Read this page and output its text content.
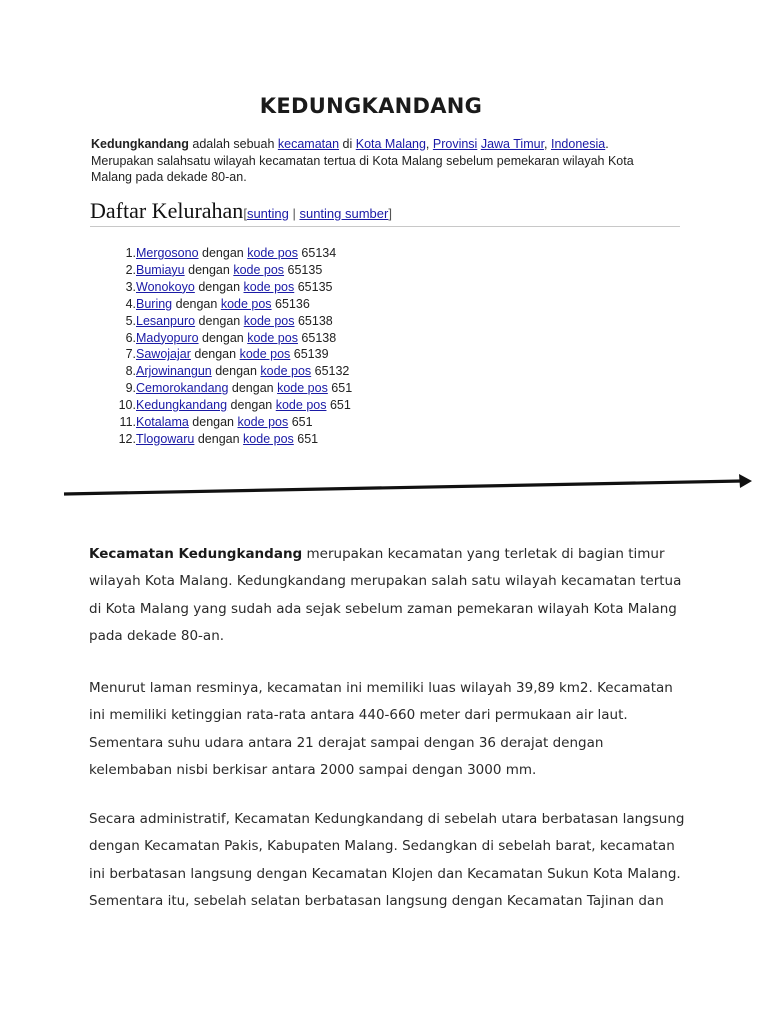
KEDUNGKANDANG
Kedungkandang adalah sebuah kecamatan di Kota Malang, Provinsi Jawa Timur, Indonesia.
Merupakan salahsatu wilayah kecamatan tertua di Kota Malang sebelum pemekaran wilayah Kota Malang pada dekade 80-an.
Daftar Kelurahan[sunting | sunting sumber]
1. Mergosono dengan kode pos 65134
2. Bumiayu dengan kode pos 65135
3. Wonokoyo dengan kode pos 65135
4. Buring dengan kode pos 65136
5. Lesanpuro dengan kode pos 65138
6. Madyopuro dengan kode pos 65138
7. Sawojajar dengan kode pos 65139
8. Arjowinangun dengan kode pos 65132
9. Cemorokandang dengan kode pos 651
10. Kedungkandang dengan kode pos 651
11. Kotalama dengan kode pos 651
12. Tlogowaru dengan kode pos 651

Kecamatan Kedungkandang merupakan kecamatan yang terletak di bagian timur wilayah Kota Malang. Kedungkandang merupakan salah satu wilayah kecamatan tertua di Kota Malang yang sudah ada sejak sebelum zaman pemekaran wilayah Kota Malang pada dekade 80-an.

Menurut laman resminya, kecamatan ini memiliki luas wilayah 39,89 km2. Kecamatan ini memiliki ketinggian rata-rata antara 440-660 meter dari permukaan air laut. Sementara suhu udara antara 21 derajat sampai dengan 36 derajat dengan kelembaban nisbi berkisar antara 2000 sampai dengan 3000 mm.

Secara administratif, Kecamatan Kedungkandang di sebelah utara berbatasan langsung dengan Kecamatan Pakis, Kabupaten Malang. Sedangkan di sebelah barat, kecamatan ini berbatasan langsung dengan Kecamatan Klojen dan Kecamatan Sukun Kota Malang. Sementara itu, sebelah selatan berbatasan langsung dengan Kecamatan Tajinan dan
